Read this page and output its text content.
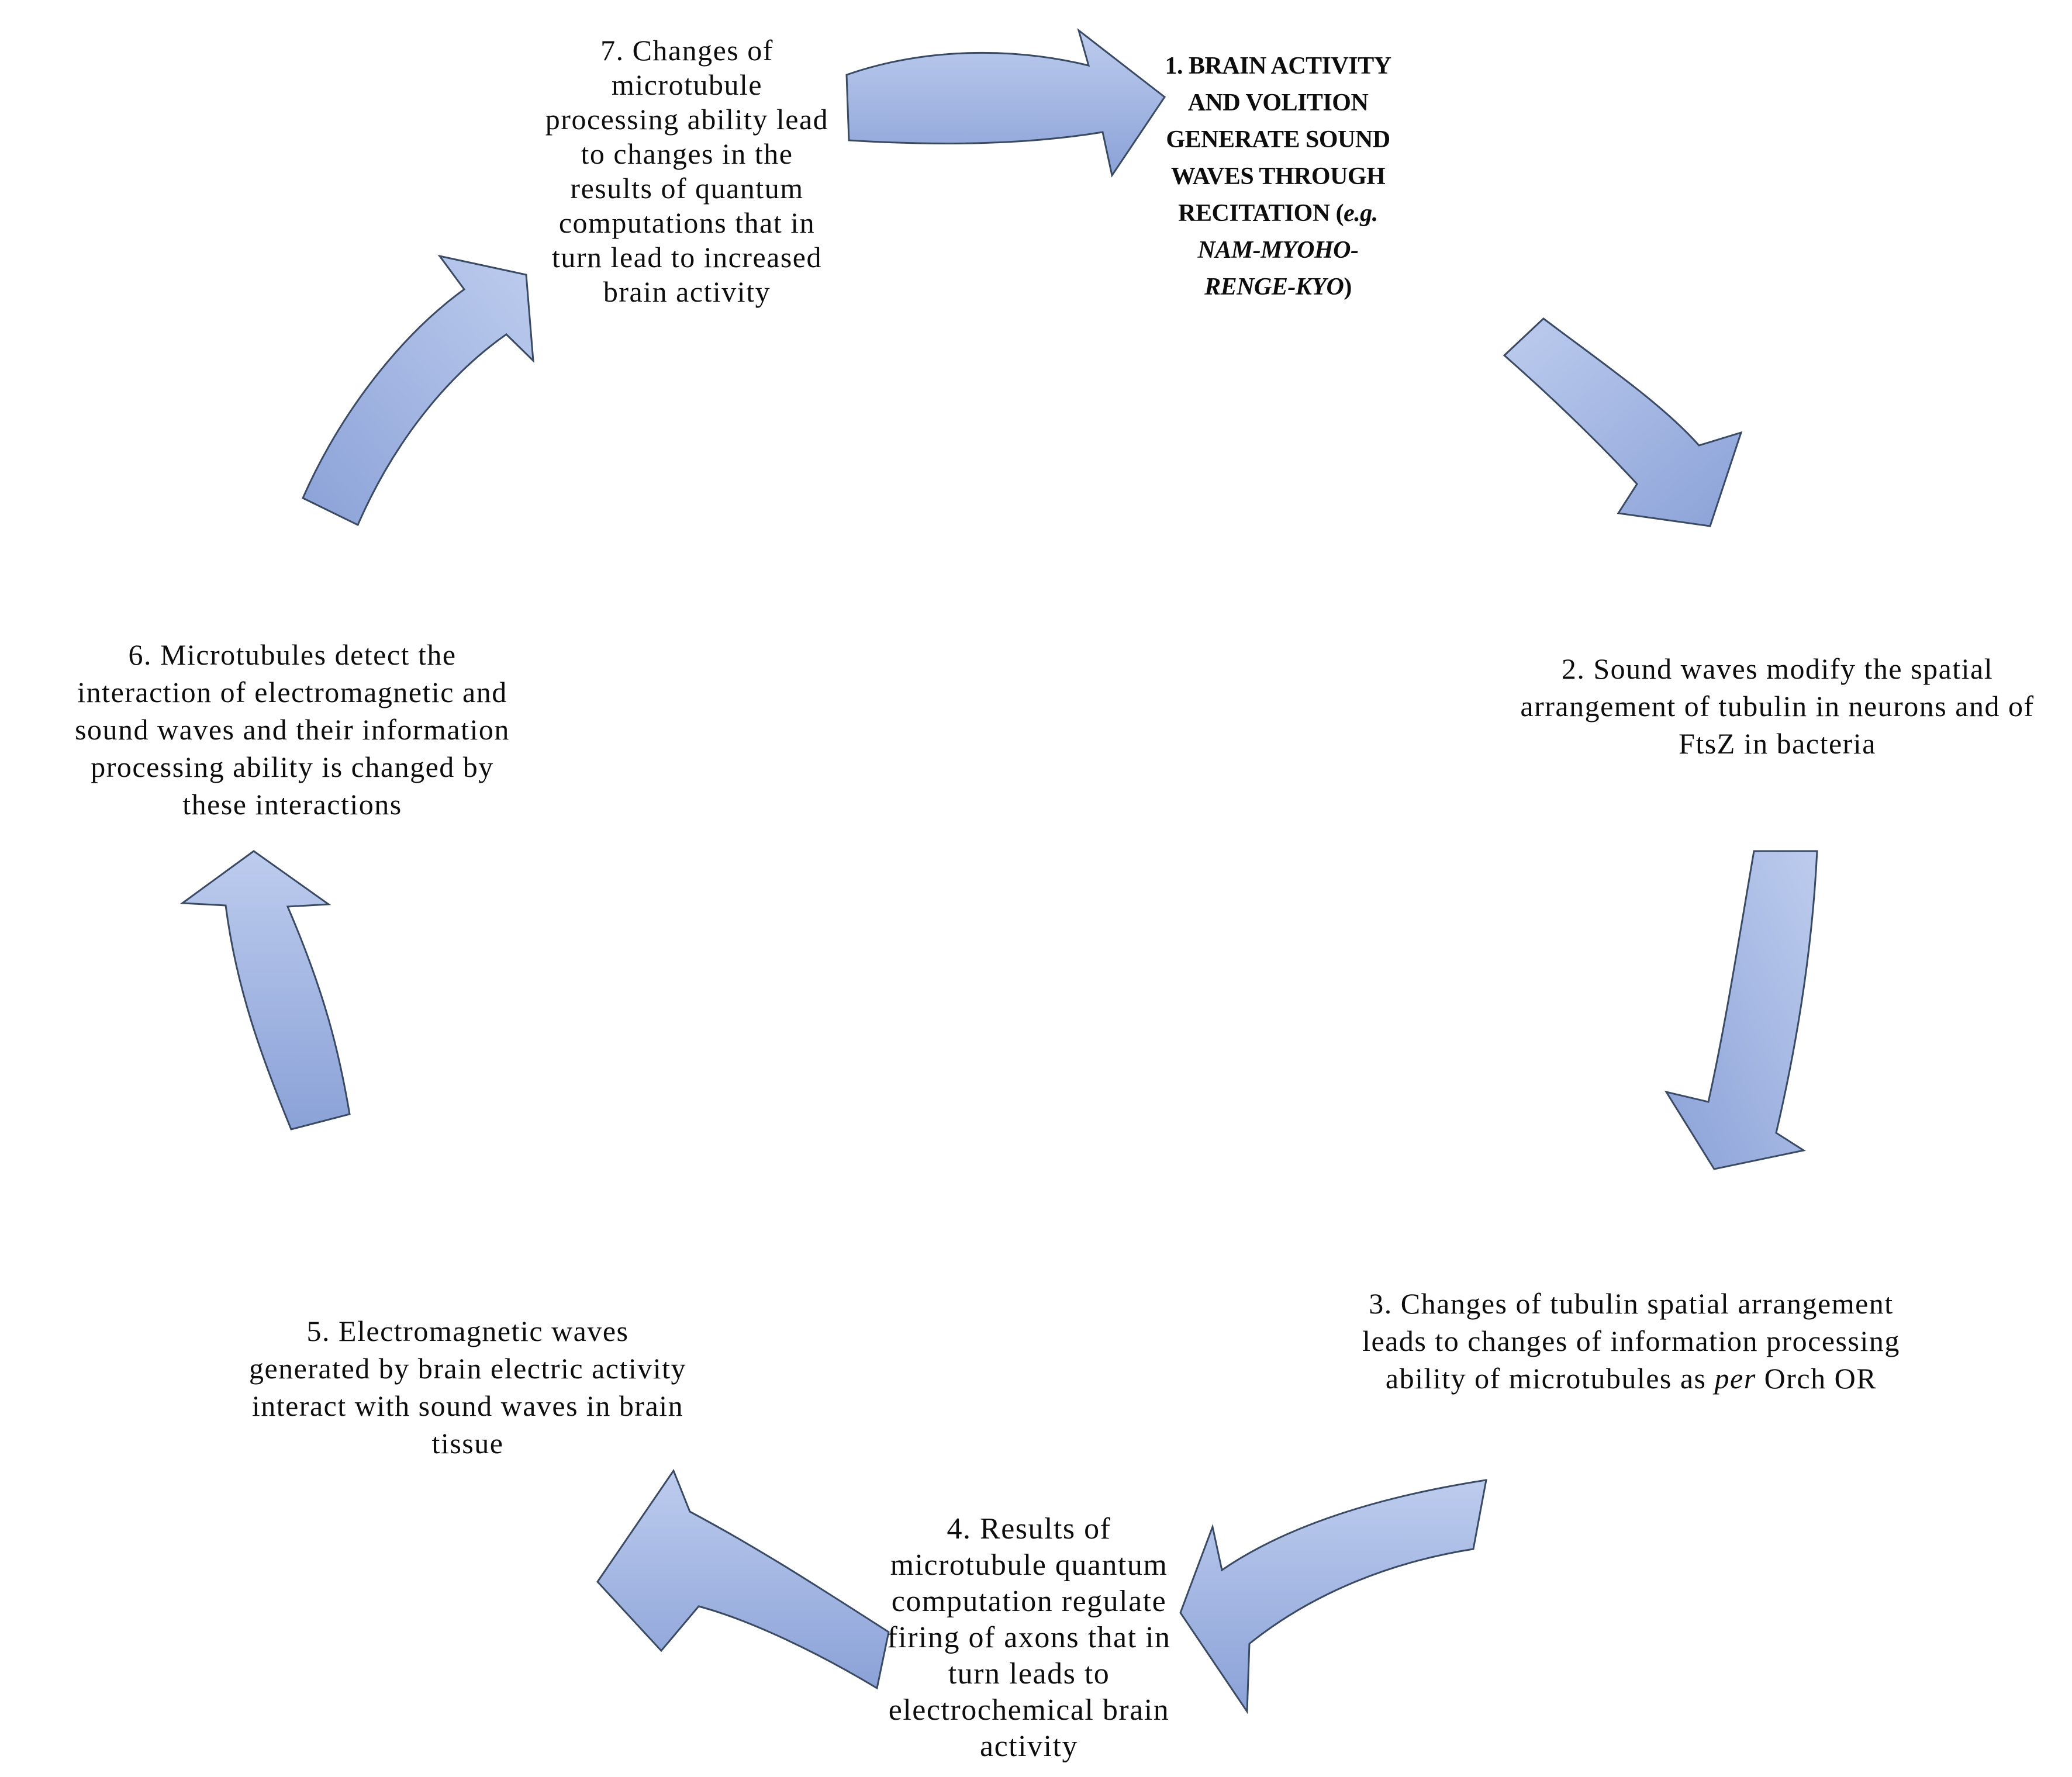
1. BRAIN ACTIVITY
AND VOLITION
GENERATE SOUND
WAVES THROUGH
RECITATION (e.g.
NAM-MYOHO-
RENGE-KYO)
2. Sound waves modify the spatial
arrangement of tubulin in neurons and of
FtsZ in bacteria
3. Changes of tubulin spatial arrangement
leads to changes of information processing
ability of microtubules as per Orch OR
4. Results of
microtubule quantum
computation regulate
firing of axons that in
turn leads to
electrochemical brain
activity
5. Electromagnetic waves
generated by brain electric activity
interact with sound waves in brain
tissue
6. Microtubules detect the
interaction of electromagnetic and
sound waves and their information
processing ability is changed by
these interactions
7. Changes of
microtubule
processing ability lead
to changes in the
results of quantum
computations that in
turn lead to increased
brain activity
